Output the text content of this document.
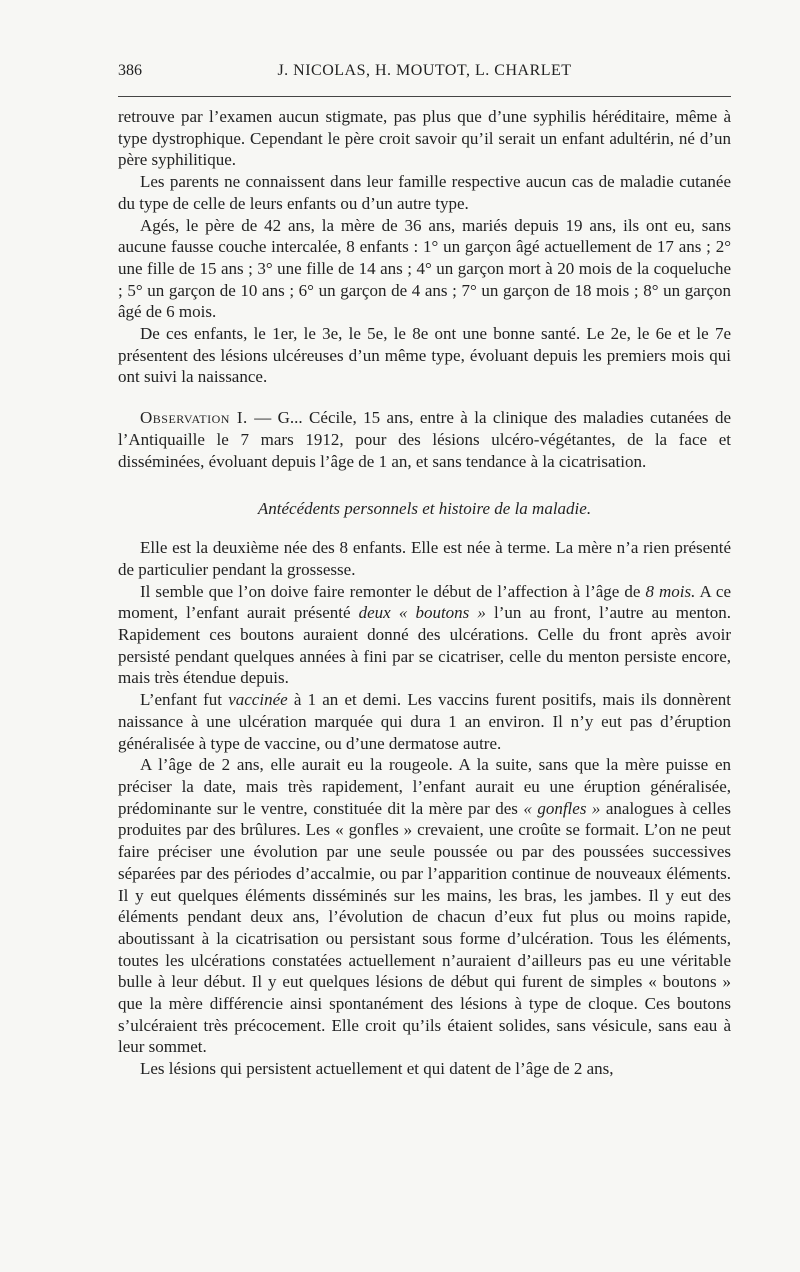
386	J. NICOLAS, H. MOUTOT, L. CHARLET

retrouve par l’examen aucun stigmate, pas plus que d’une syphilis héréditaire, même à type dystrophique. Cependant le père croit savoir qu’il serait un enfant adultérin, né d’un père syphilitique.

Les parents ne connaissent dans leur famille respective aucun cas de maladie cutanée du type de celle de leurs enfants ou d’un autre type.

Agés, le père de 42 ans, la mère de 36 ans, mariés depuis 19 ans, ils ont eu, sans aucune fausse couche intercalée, 8 enfants : 1° un garçon âgé actuellement de 17 ans ; 2° une fille de 15 ans ; 3° une fille de 14 ans ; 4° un garçon mort à 20 mois de la coqueluche ; 5° un garçon de 10 ans ; 6° un garçon de 4 ans ; 7° un garçon de 18 mois ; 8° un garçon âgé de 6 mois.

De ces enfants, le 1er, le 3e, le 5e, le 8e ont une bonne santé. Le 2e, le 6e et le 7e présentent des lésions ulcéreuses d’un même type, évoluant depuis les premiers mois qui ont suivi la naissance.

Observation I. — G... Cécile, 15 ans, entre à la clinique des maladies cutanées de l’Antiquaille le 7 mars 1912, pour des lésions ulcéro-végétantes, de la face et disséminées, évoluant depuis l’âge de 1 an, et sans tendance à la cicatrisation.

Antécédents personnels et histoire de la maladie.

Elle est la deuxième née des 8 enfants. Elle est née à terme. La mère n’a rien présenté de particulier pendant la grossesse.

Il semble que l’on doive faire remonter le début de l’affection à l’âge de 8 mois. A ce moment, l’enfant aurait présenté deux « boutons » l’un au front, l’autre au menton. Rapidement ces boutons auraient donné des ulcérations. Celle du front après avoir persisté pendant quelques années à fini par se cicatriser, celle du menton persiste encore, mais très étendue depuis.

L’enfant fut vaccinée à 1 an et demi. Les vaccins furent positifs, mais ils donnèrent naissance à une ulcération marquée qui dura 1 an environ. Il n’y eut pas d’éruption généralisée à type de vaccine, ou d’une dermatose autre.

A l’âge de 2 ans, elle aurait eu la rougeole. A la suite, sans que la mère puisse en préciser la date, mais très rapidement, l’enfant aurait eu une éruption généralisée, prédominante sur le ventre, constituée dit la mère par des « gonfles » analogues à celles produites par des brûlures. Les « gonfles » crevaient, une croûte se formait. L’on ne peut faire préciser une évolution par une seule poussée ou par des poussées successives séparées par des périodes d’accalmie, ou par l’apparition continue de nouveaux éléments. Il y eut quelques éléments disséminés sur les mains, les bras, les jambes. Il y eut des éléments pendant deux ans, l’évolution de chacun d’eux fut plus ou moins rapide, aboutissant à la cicatrisation ou persistant sous forme d’ulcération. Tous les éléments, toutes les ulcérations constatées actuellement n’auraient d’ailleurs pas eu une véritable bulle à leur début. Il y eut quelques lésions de début qui furent de simples « boutons » que la mère différencie ainsi spontanément des lésions à type de cloque. Ces boutons s’ulcéraient très précocement. Elle croit qu’ils étaient solides, sans vésicule, sans eau à leur sommet.

Les lésions qui persistent actuellement et qui datent de l’âge de 2 ans,
